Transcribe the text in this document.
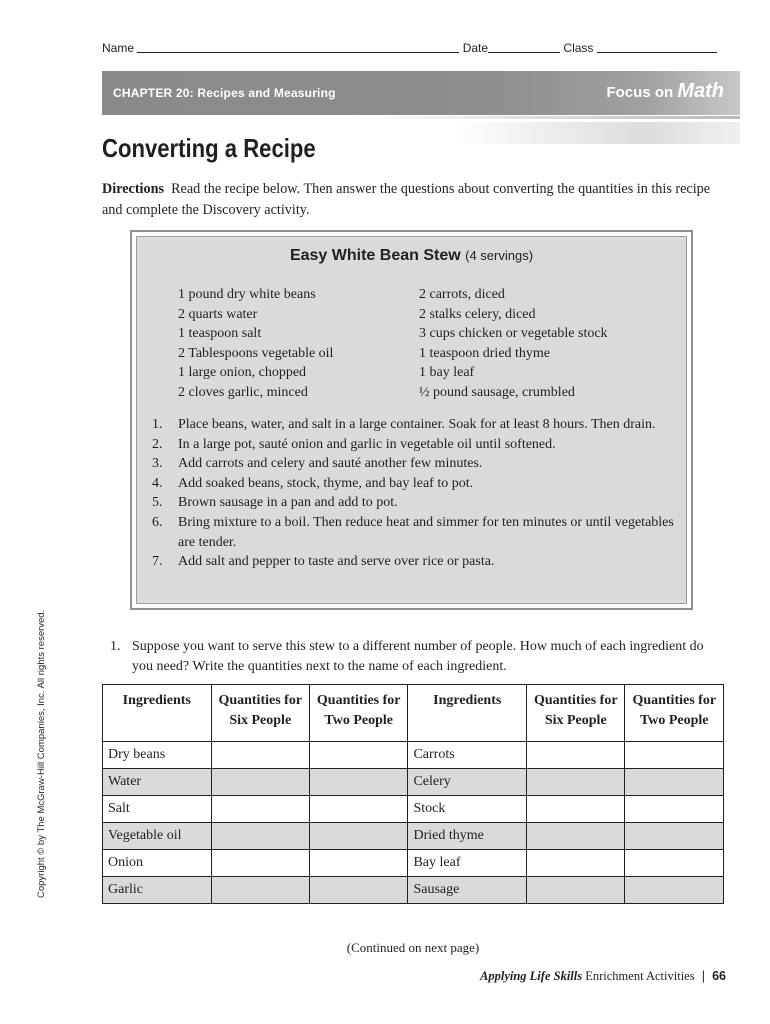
Name	Date	Class
CHAPTER 20: Recipes and Measuring	Focus on Math
Converting a Recipe
Directions Read the recipe below. Then answer the questions about converting the quantities in this recipe and complete the Discovery activity.
Easy White Bean Stew (4 servings)
1 pound dry white beans
2 quarts water
1 teaspoon salt
2 Tablespoons vegetable oil
1 large onion, chopped
2 cloves garlic, minced
2 carrots, diced
2 stalks celery, diced
3 cups chicken or vegetable stock
1 teaspoon dried thyme
1 bay leaf
½ pound sausage, crumbled
1. Place beans, water, and salt in a large container. Soak for at least 8 hours. Then drain.
2. In a large pot, sauté onion and garlic in vegetable oil until softened.
3. Add carrots and celery and sauté another few minutes.
4. Add soaked beans, stock, thyme, and bay leaf to pot.
5. Brown sausage in a pan and add to pot.
6. Bring mixture to a boil. Then reduce heat and simmer for ten minutes or until vegetables are tender.
7. Add salt and pepper to taste and serve over rice or pasta.
1. Suppose you want to serve this stew to a different number of people. How much of each ingredient do you need? Write the quantities next to the name of each ingredient.
Ingredients	Quantities for Six People	Quantities for Two People	Ingredients	Quantities for Six People	Quantities for Two People
Dry beans			Carrots		
Water			Celery		
Salt			Stock		
Vegetable oil			Dried thyme		
Onion			Bay leaf		
Garlic			Sausage		
(Continued on next page)
Applying Life Skills Enrichment Activities | 66
Copyright © by The McGraw-Hill Companies, Inc. All rights reserved.
